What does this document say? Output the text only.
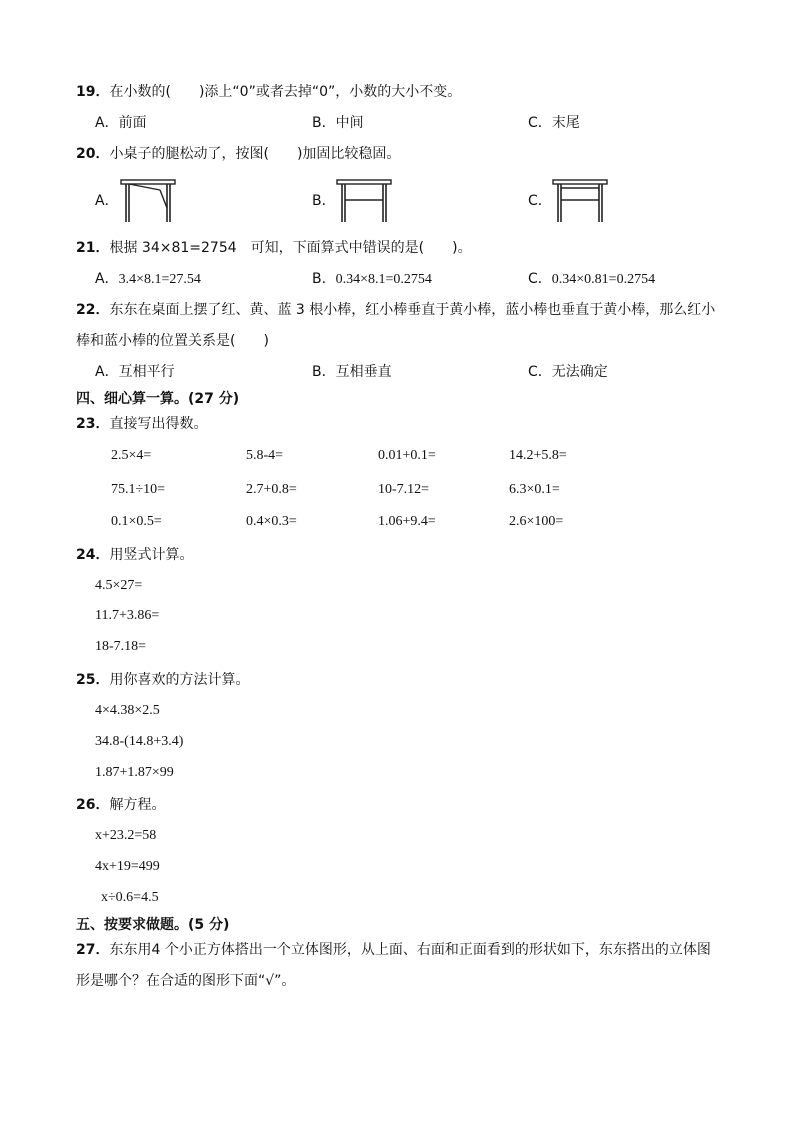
19．在小数的(　　)添上“0”或者去掉“0”，小数的大小不变。
A．前面	B．中间	C．末尾
20．小桌子的腿松动了，按图(　　)加固比较稳固。
A．	B．	C．
21．根据 34×81=2754　可知，下面算式中错误的是(　　)。
A．3.4×8.1=27.54	B．0.34×8.1=0.2754	C．0.34×0.81=0.2754
22．东东在桌面上摆了红、黄、蓝 3 根小棒，红小棒垂直于黄小棒，蓝小棒也垂直于黄小棒，那么红小
棒和蓝小棒的位置关系是(　　)
A．互相平行	B．互相垂直	C．无法确定
四、细心算一算。(27 分)
23．直接写出得数。
2.5×4=	5.8-4=	0.01+0.1=	14.2+5.8=
75.1÷10=	2.7+0.8=	10-7.12=	6.3×0.1=
0.1×0.5=	0.4×0.3=	1.06+9.4=	2.6×100=
24．用竖式计算。
4.5×27=
11.7+3.86=
18-7.18=
25．用你喜欢的方法计算。
4×4.38×2.5
34.8-(14.8+3.4)
1.87+1.87×99
26．解方程。
x+23.2=58
4x+19=499
x÷0.6=4.5
五、按要求做题。(5 分)
27．东东用4 个小正方体搭出一个立体图形，从上面、右面和正面看到的形状如下，东东搭出的立体图
形是哪个？在合适的图形下面“√”。
